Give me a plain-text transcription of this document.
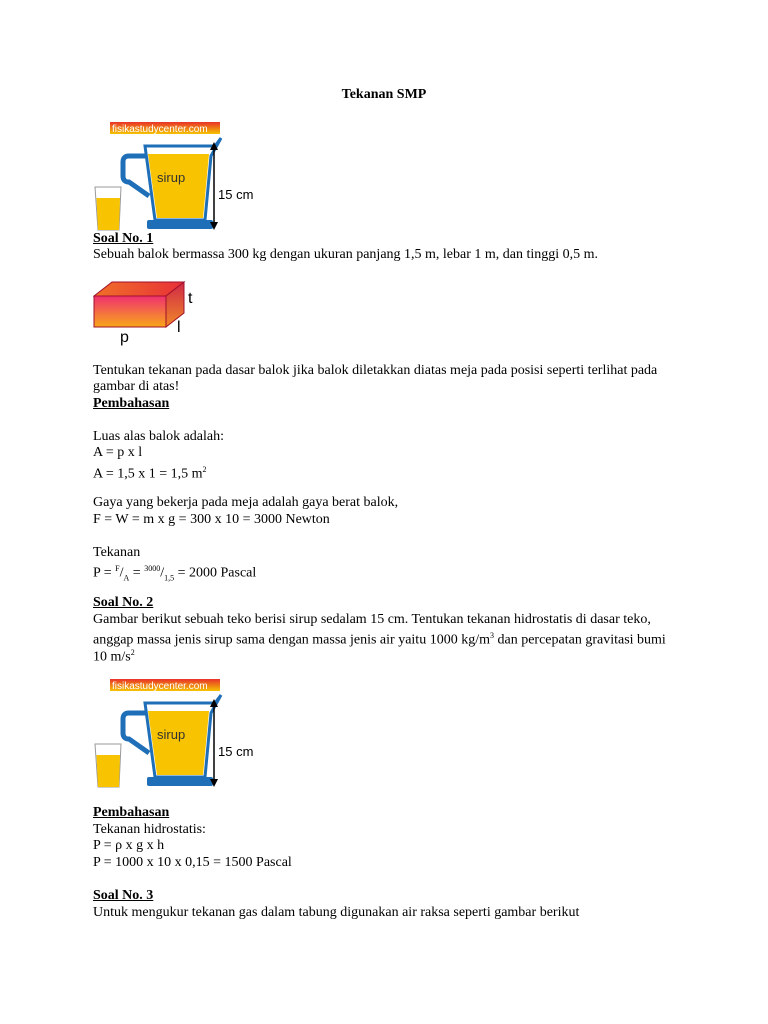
Tekanan SMP
fisikastudycenter.com
sirup
15 cm
Soal No. 1
Sebuah balok bermassa 300 kg dengan ukuran panjang 1,5 m, lebar 1 m, dan tinggi 0,5 m.
t
l
p
Tentukan tekanan pada dasar balok jika balok diletakkan diatas meja pada posisi seperti terlihat pada
gambar di atas!
Pembahasan
Luas alas balok adalah:
A = p x l
A = 1,5 x 1 = 1,5 $m^2$
Gaya yang bekerja pada meja adalah gaya berat balok,
F = W = m x g = 300 x 10 = 3000 Newton
Tekanan
$P = ^F/_A = ^{3000}/_{1,5} = 2000$ Pascal
Soal No. 2
Gambar berikut sebuah teko berisi sirup sedalam 15 cm. Tentukan tekanan hidrostatis di dasar teko,
anggap massa jenis sirup sama dengan massa jenis air yaitu 1000 $kg/m^3$ dan percepatan gravitasi bumi
10 $m/s^2$
fisikastudycenter.com
sirup
15 cm
Pembahasan
Tekanan hidrostatis:
P = ρ x g x h
P = 1000 x 10 x 0,15 = 1500 Pascal
Soal No. 3
Untuk mengukur tekanan gas dalam tabung digunakan air raksa seperti gambar berikut
